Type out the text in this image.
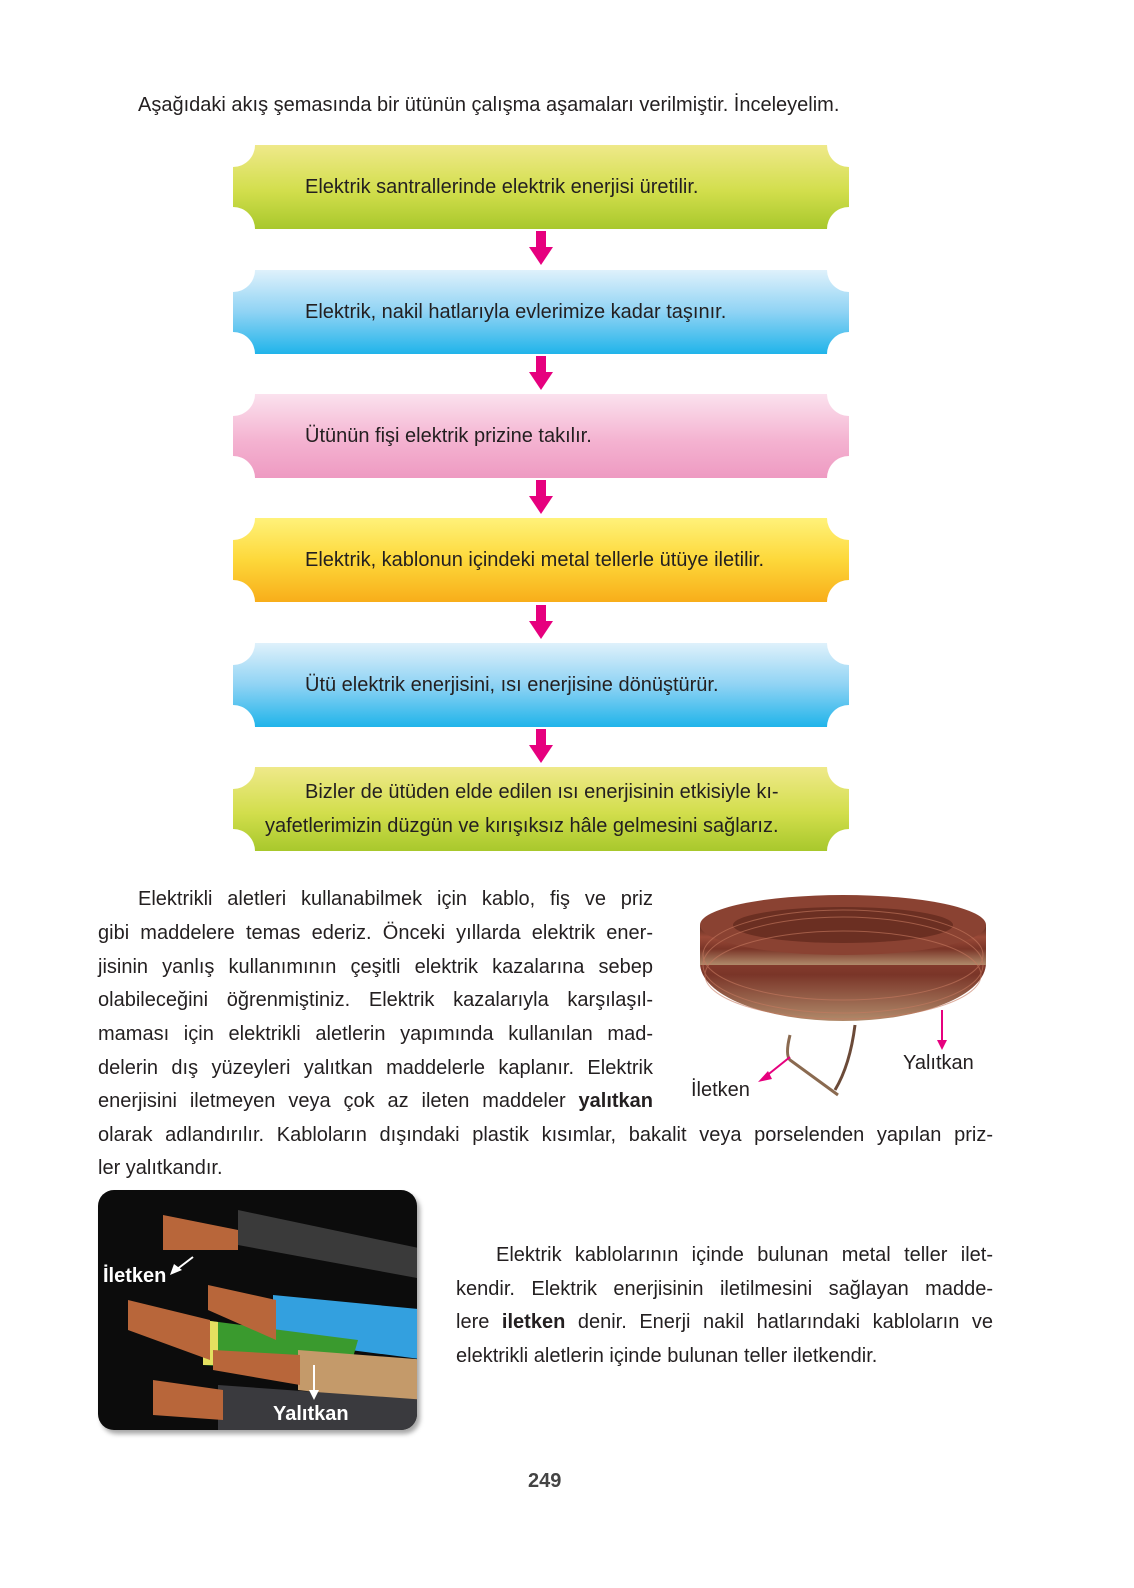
Aşağıdaki akış şemasında bir ütünün çalışma aşamaları verilmiştir. İnceleyelim.
Elektrik santrallerinde elektrik enerjisi üretilir.
Elektrik, nakil hatlarıyla evlerimize kadar taşınır.
Ütünün fişi elektrik prizine takılır.
Elektrik, kablonun içindeki metal tellerle ütüye iletilir.
Ütü elektrik enerjisini, ısı enerjisine dönüştürür.
Bizler de ütüden elde edilen ısı enerjisinin etkisiyle kı-
yafetlerimizin düzgün ve kırışıksız hâle gelmesini sağlarız.
Elektrikli aletleri kullanabilmek için kablo, fiş ve priz
gibi maddelere temas ederiz. Önceki yıllarda elektrik ener-
jisinin yanlış kullanımının çeşitli elektrik kazalarına sebep
olabileceğini öğrenmiştiniz. Elektrik kazalarıyla karşılaşıl-
maması için elektrikli aletlerin yapımında kullanılan mad-
delerin dış yüzeyleri yalıtkan maddelerle kaplanır. Elektrik
enerjisini iletmeyen veya çok az ileten maddeler yalıtkan
olarak adlandırılır. Kabloların dışındaki plastik kısımlar, bakalit veya porselenden yapılan priz-
ler yalıtkandır.
Yalıtkan
İletken
İletken
Yalıtkan
Elektrik kablolarının içinde bulunan metal teller ilet-
kendir. Elektrik enerjisinin iletilmesini sağlayan madde-
lere iletken denir. Enerji nakil hatlarındaki kabloların ve
elektrikli aletlerin içinde bulunan teller iletkendir.
249
